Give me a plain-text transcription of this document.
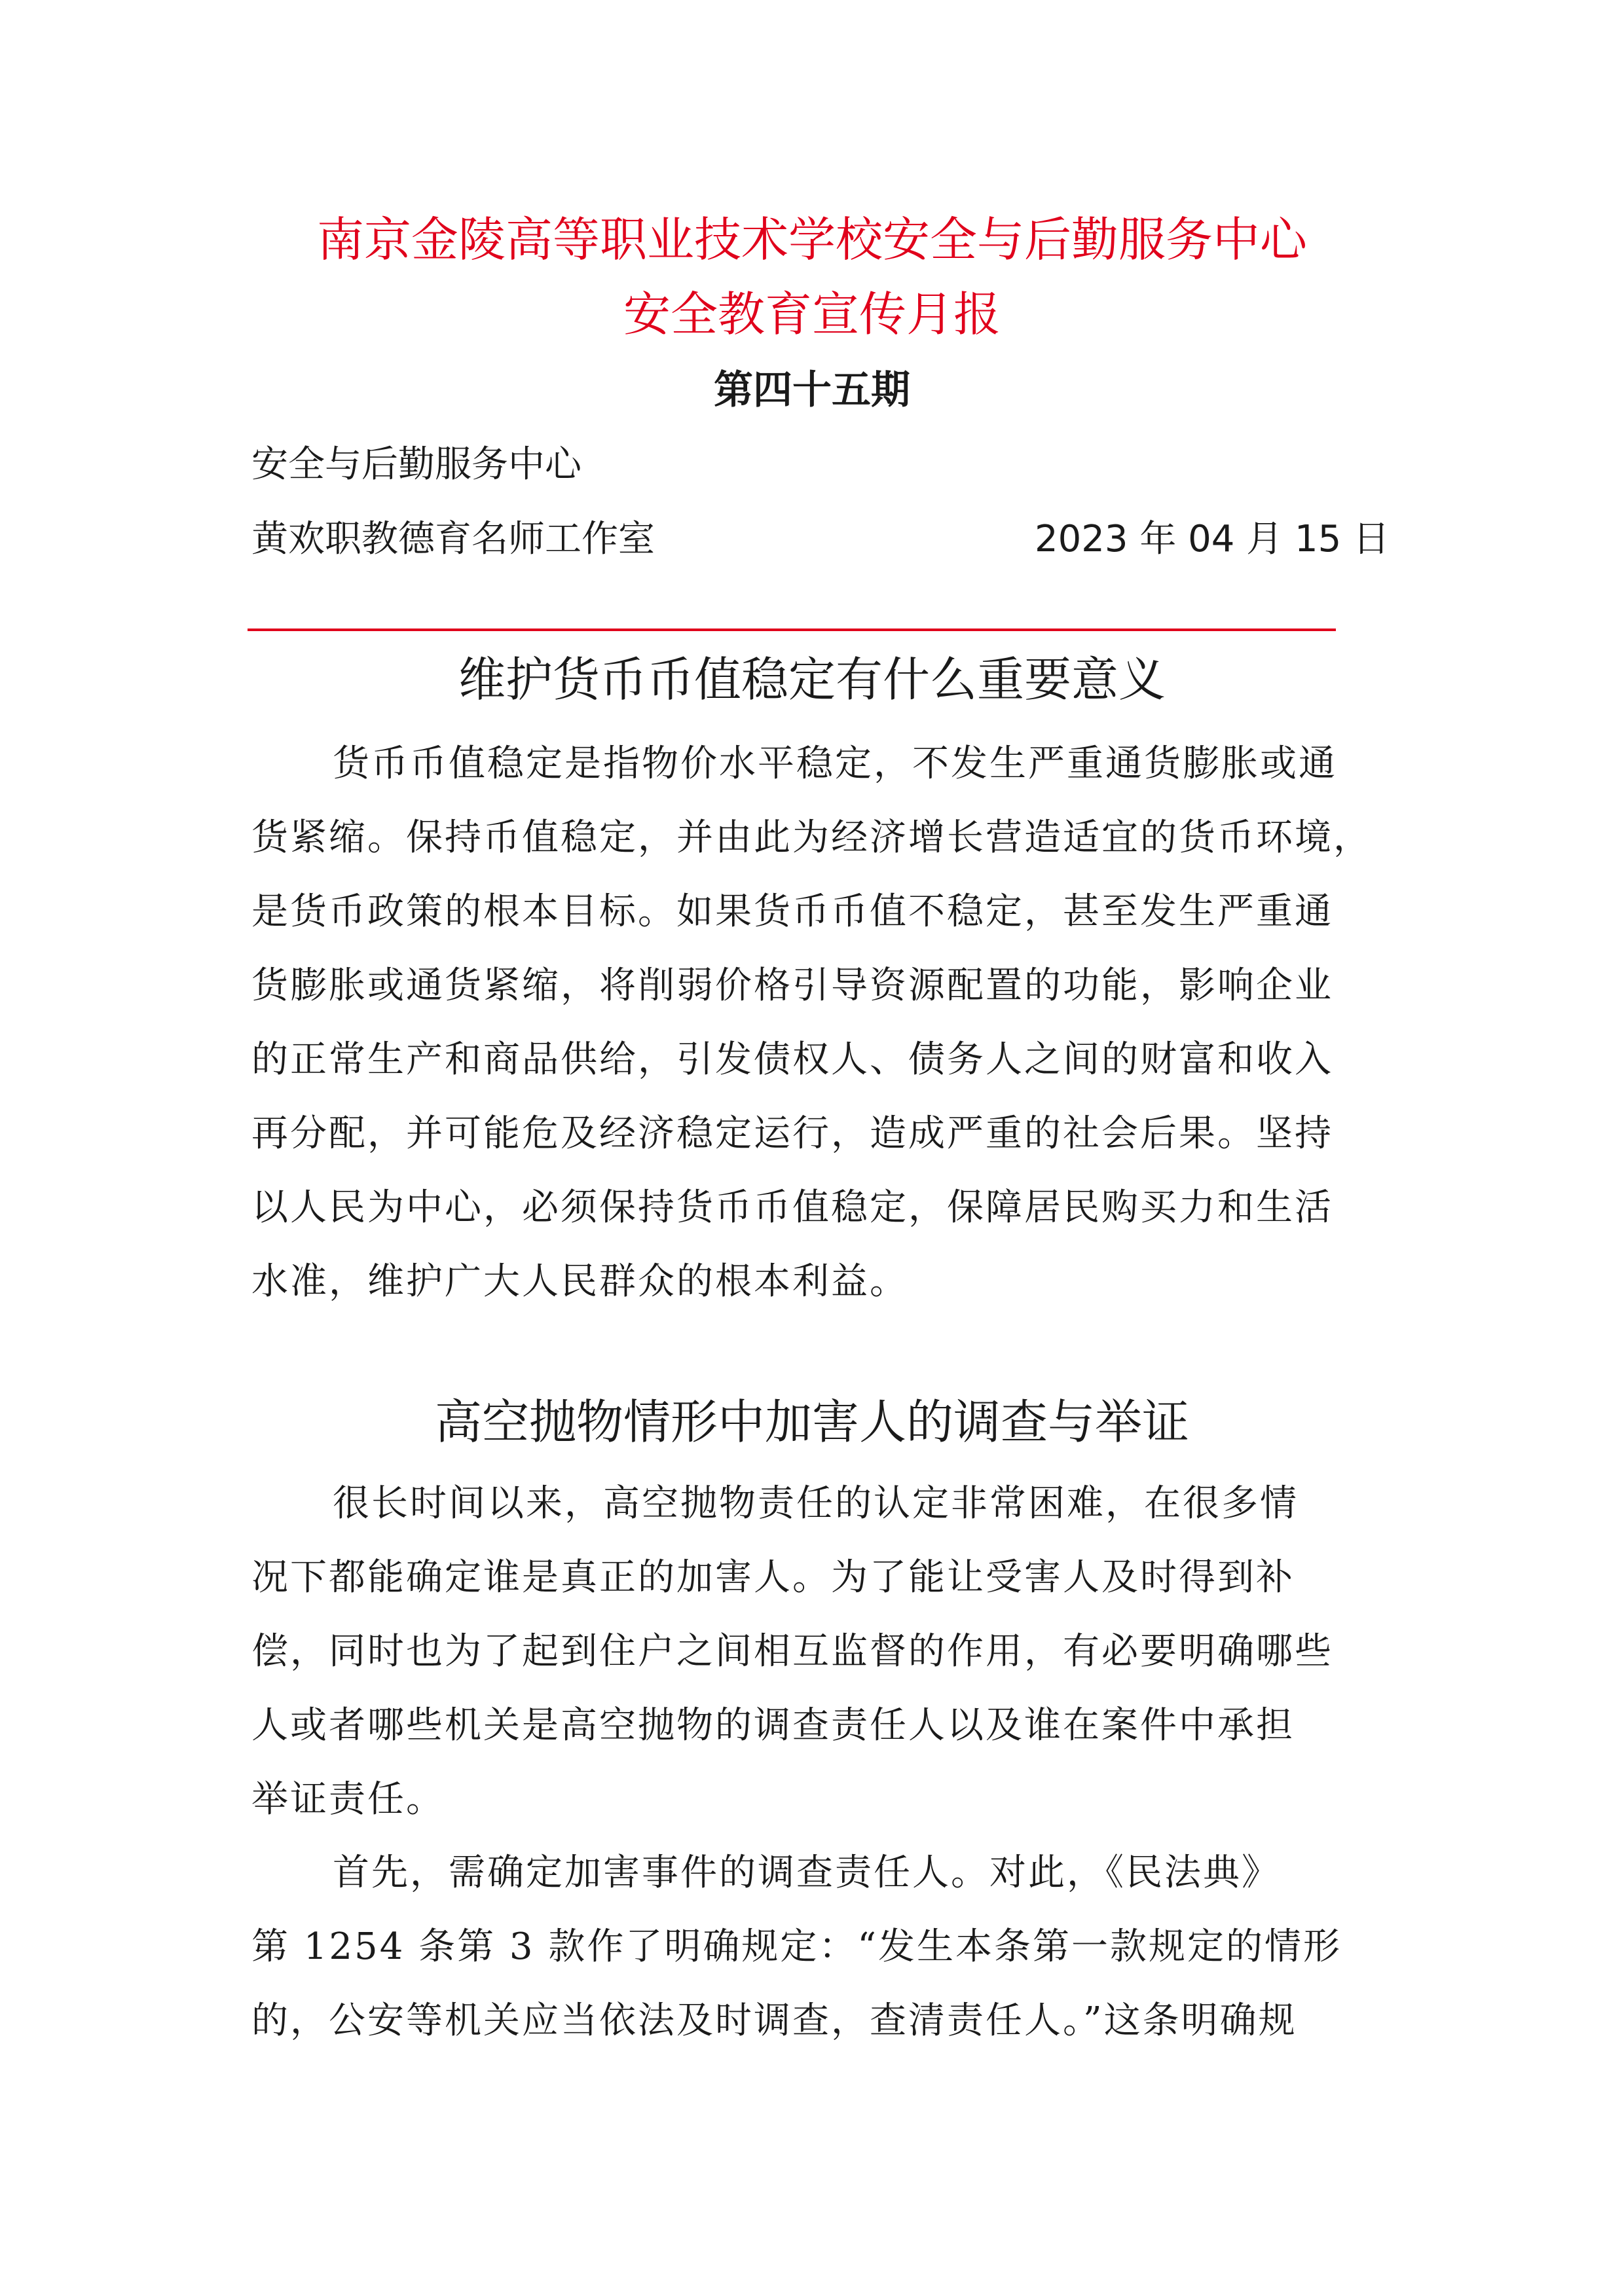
南京金陵高等职业技术学校安全与后勤服务中心
安全教育宣传月报
第四十五期
安全与后勤服务中心
黄欢职教德育名师工作室	2023 年 04 月 15 日
维护货币币值稳定有什么重要意义
货币币值稳定是指物价水平稳定，不发生严重通货膨胀或通
货紧缩。保持币值稳定，并由此为经济增长营造适宜的货币环境，
是货币政策的根本目标。如果货币币值不稳定，甚至发生严重通
货膨胀或通货紧缩，将削弱价格引导资源配置的功能，影响企业
的正常生产和商品供给，引发债权人、债务人之间的财富和收入
再分配，并可能危及经济稳定运行，造成严重的社会后果。坚持
以人民为中心，必须保持货币币值稳定，保障居民购买力和生活
水准，维护广大人民群众的根本利益。
高空抛物情形中加害人的调查与举证
很长时间以来，高空抛物责任的认定非常困难，在很多情
况下都能确定谁是真正的加害人。为了能让受害人及时得到补
偿，同时也为了起到住户之间相互监督的作用，有必要明确哪些
人或者哪些机关是高空抛物的调查责任人以及谁在案件中承担
举证责任。
首先，需确定加害事件的调查责任人。对此，《民法典》
第 1254 条第 3 款作了明确规定：“发生本条第一款规定的情形
的，公安等机关应当依法及时调查，查清责任人。”这条明确规
